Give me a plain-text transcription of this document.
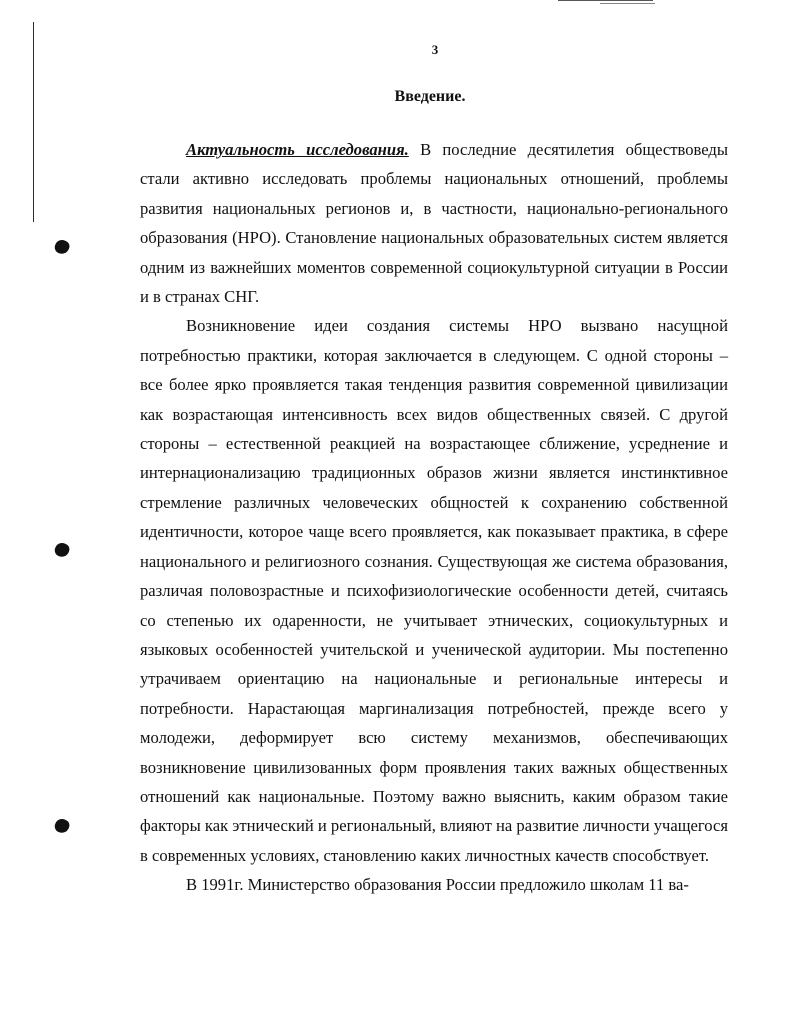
3

Введение.

Актуальность исследования. В последние десятилетия обществоведы стали активно исследовать проблемы национальных отношений, проблемы развития национальных регионов и, в частности, национально-регионального образования (НРО). Становление национальных образовательных систем является одним из важнейших моментов современной социокультурной ситуации в России и в странах СНГ.

Возникновение идеи создания системы НРО вызвано насущной потребностью практики, которая заключается в следующем. С одной стороны – все более ярко проявляется такая тенденция развития современной цивилизации как возрастающая интенсивность всех видов общественных связей. С другой стороны – естественной реакцией на возрастающее сближение, усреднение и интернационализацию традиционных образов жизни является инстинктивное стремление различных человеческих общностей к сохранению собственной идентичности, которое чаще всего проявляется, как показывает практика, в сфере национального и религиозного сознания. Существующая же система образования, различая половозрастные и психофизиологические особенности детей, считаясь со степенью их одаренности, не учитывает этнических, социокультурных и языковых особенностей учительской и ученической аудитории. Мы постепенно утрачиваем ориентацию на национальные и региональные интересы и потребности. Нарастающая маргинализация потребностей, прежде всего у молодежи, деформирует всю систему механизмов, обеспечивающих возникновение цивилизованных форм проявления таких важных общественных отношений как национальные. Поэтому важно выяснить, каким образом такие факторы как этнический и региональный, влияют на развитие личности учащегося в современных условиях, становлению каких личностных качеств способствует.

В 1991г. Министерство образования России предложило школам 11 ва-
